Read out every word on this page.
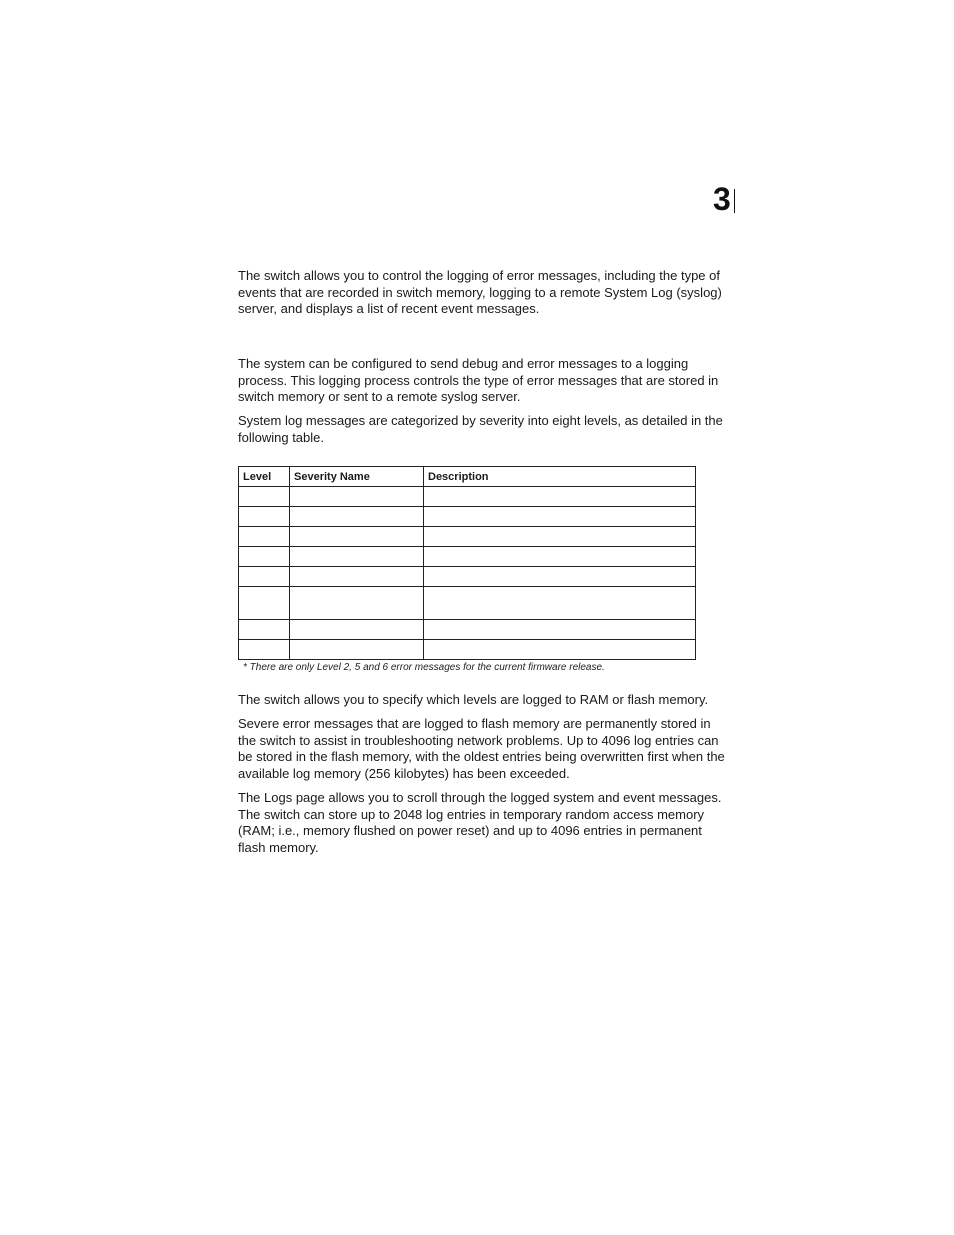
3

The switch allows you to control the logging of error messages, including the type of events that are recorded in switch memory, logging to a remote System Log (syslog) server, and displays a list of recent event messages.

The system can be configured to send debug and error messages to a logging process. This logging process controls the type of error messages that are stored in switch memory or sent to a remote syslog server.

System log messages are categorized by severity into eight levels, as detailed in the following table.

Level	Severity Name	Description

* There are only Level 2, 5 and 6 error messages for the current firmware release.

The switch allows you to specify which levels are logged to RAM or flash memory.

Severe error messages that are logged to flash memory are permanently stored in the switch to assist in troubleshooting network problems. Up to 4096 log entries can be stored in the flash memory, with the oldest entries being overwritten first when the available log memory (256 kilobytes) has been exceeded.

The Logs page allows you to scroll through the logged system and event messages. The switch can store up to 2048 log entries in temporary random access memory (RAM; i.e., memory flushed on power reset) and up to 4096 entries in permanent flash memory.
